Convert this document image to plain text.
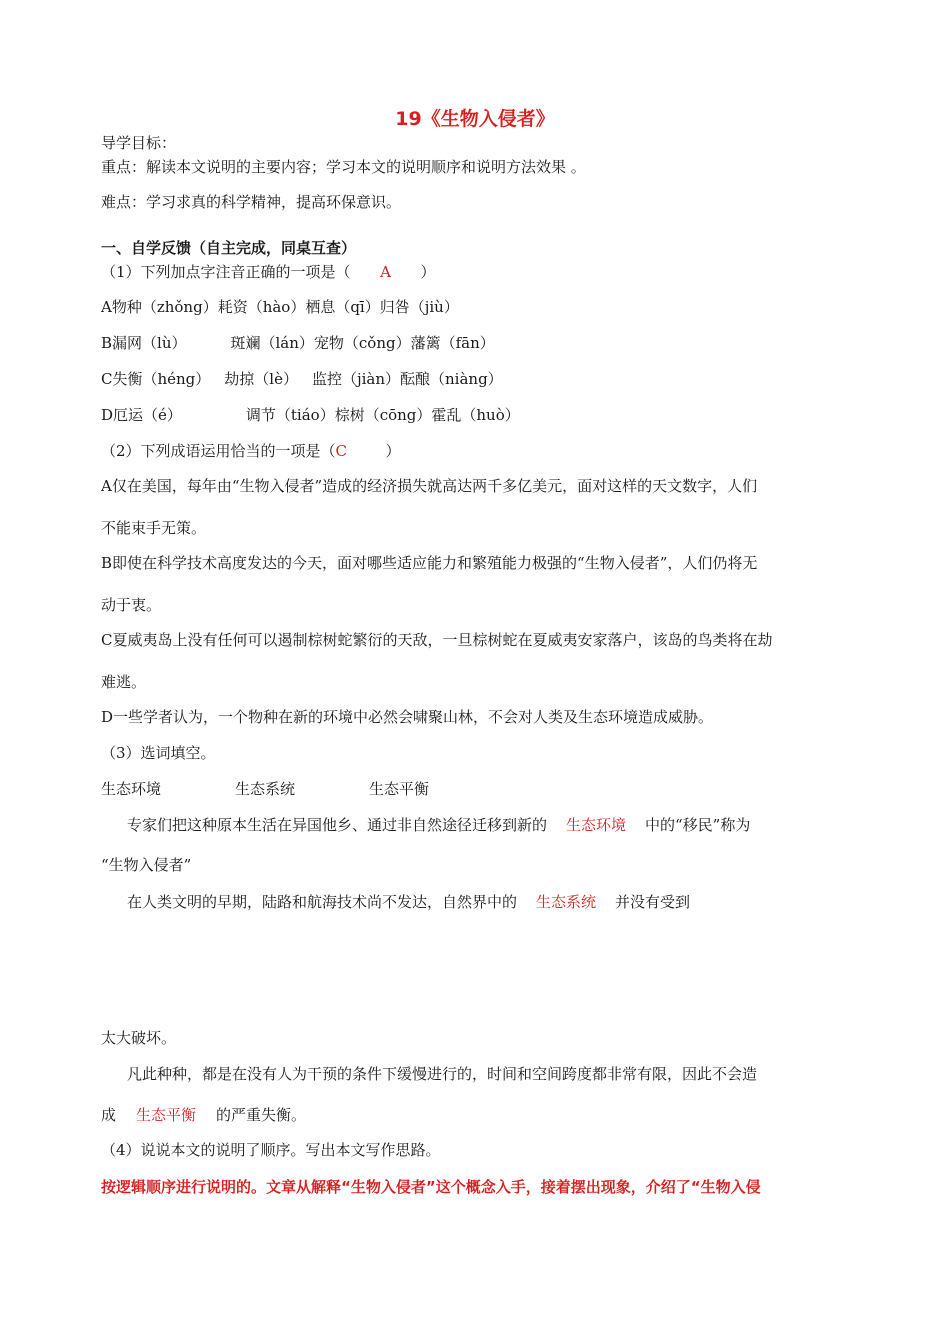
19《生物入侵者》
导学目标：
重点：解读本文说明的主要内容；学习本文的说明顺序和说明方法效果 。
难点：学习求真的科学精神，提高环保意识。
一、自学反馈（自主完成，同桌互查）
（1）下列加点字注音正确的一项是（ A ）
A物种（zhǒng）耗资（hào）栖息（qī）归咎（jiù）
B漏网（lù）	斑斓（lán）宠物（cǒng）藩篱（fān）
C失衡（héng） 劫掠（lè） 监控（jiàn）酝酿（niàng）
D厄运（é）	调节（tiáo）棕树（cōng）霍乱（huò）
（2）下列成语运用恰当的一项是（C	）
A仅在美国，每年由“生物入侵者”造成的经济损失就高达两千多亿美元，面对这样的天文数字，人们
不能束手无策。
B即使在科学技术高度发达的今天，面对哪些适应能力和繁殖能力极强的“生物入侵者”，人们仍将无
动于衷。
C夏威夷岛上没有任何可以遏制棕树蛇繁衍的天敌，一旦棕树蛇在夏威夷安家落户，该岛的鸟类将在劫
难逃。
D一些学者认为，一个物种在新的环境中必然会啸聚山林，不会对人类及生态环境造成威胁。
（3）选词填空。
生态环境	生态系统	生态平衡
专家们把这种原本生活在异国他乡、通过非自然途径迁移到新的 生态环境 中的“移民”称为
“生物入侵者”
在人类文明的早期，陆路和航海技术尚不发达，自然界中的 生态系统 并没有受到
太大破坏。
凡此种种，都是在没有人为干预的条件下缓慢进行的，时间和空间跨度都非常有限，因此不会造
成 生态平衡 的严重失衡。
（4）说说本文的说明了顺序。写出本文写作思路。
按逻辑顺序进行说明的。文章从解释“生物入侵者”这个概念入手，接着摆出现象，介绍了“生物入侵
